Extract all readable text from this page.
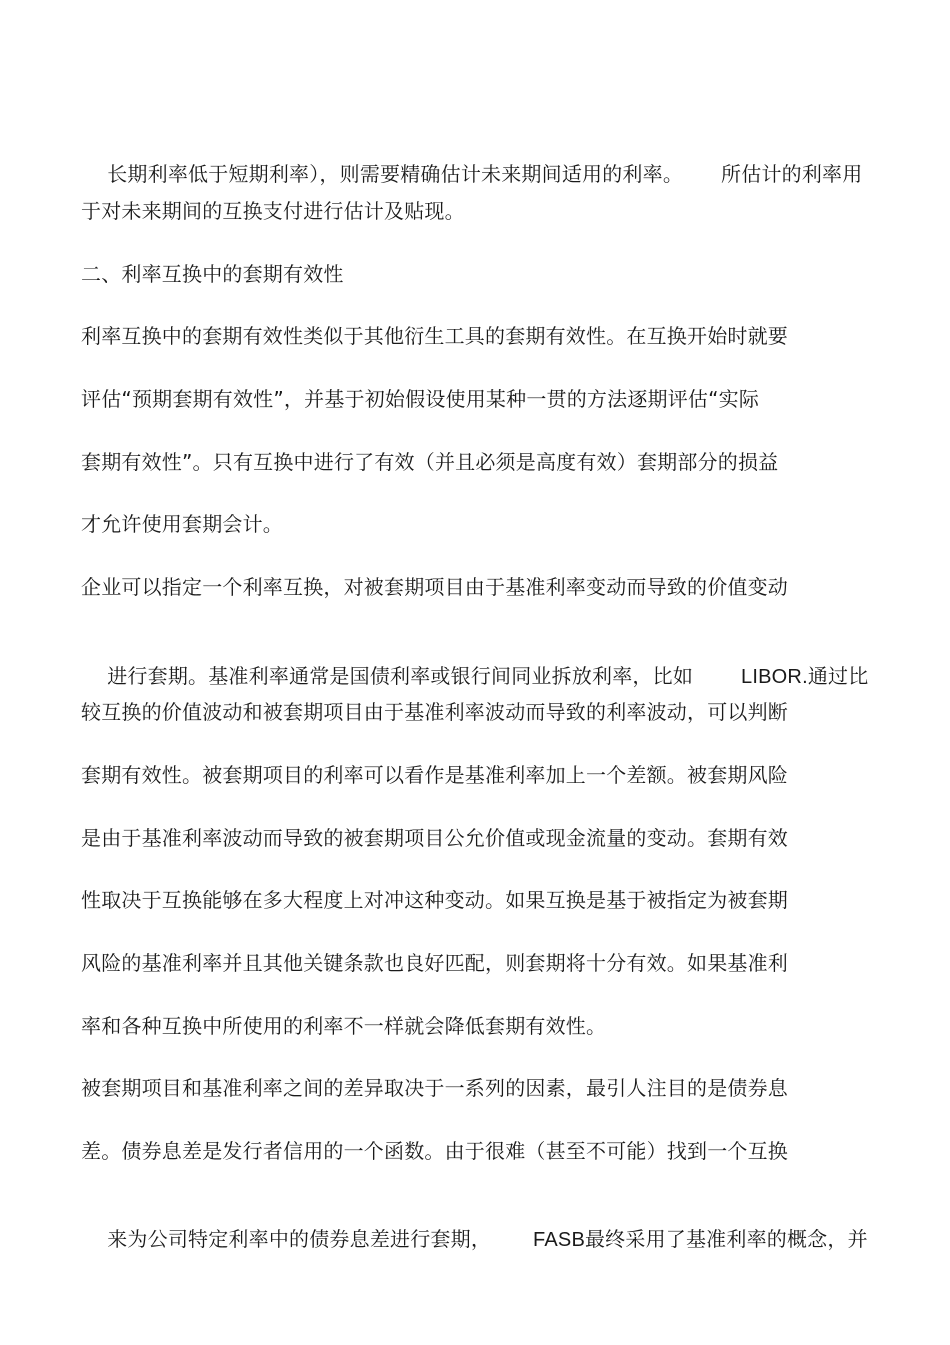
长期利率低于短期利率），则需要精确估计未来期间适用的利率。 所估计的利率用

于对未来期间的互换支付进行估计及贴现。
二、利率互换中的套期有效性
利率互换中的套期有效性类似于其他衍生工具的套期有效性。在互换开始时就要
评估“预期套期有效性”，并基于初始假设使用某种一贯的方法逐期评估“实际
套期有效性”。只有互换中进行了有效（并且必须是高度有效）套期部分的损益
才允许使用套期会计。
企业可以指定一个利率互换，对被套期项目由于基准利率变动而导致的价值变动

进行套期。基准利率通常是国债利率或银行间同业拆放利率，比如 LIBOR.通过比

较互换的价值波动和被套期项目由于基准利率波动而导致的利率波动，可以判断
套期有效性。被套期项目的利率可以看作是基准利率加上一个差额。被套期风险
是由于基准利率波动而导致的被套期项目公允价值或现金流量的变动。套期有效
性取决于互换能够在多大程度上对冲这种变动。如果互换是基于被指定为被套期
风险的基准利率并且其他关键条款也良好匹配，则套期将十分有效。如果基准利
率和各种互换中所使用的利率不一样就会降低套期有效性。
被套期项目和基准利率之间的差异取决于一系列的因素，最引人注目的是债券息
差。债券息差是发行者信用的一个函数。由于很难（甚至不可能）找到一个互换

来为公司特定利率中的债券息差进行套期， FASB最终采用了基准利率的概念，并
